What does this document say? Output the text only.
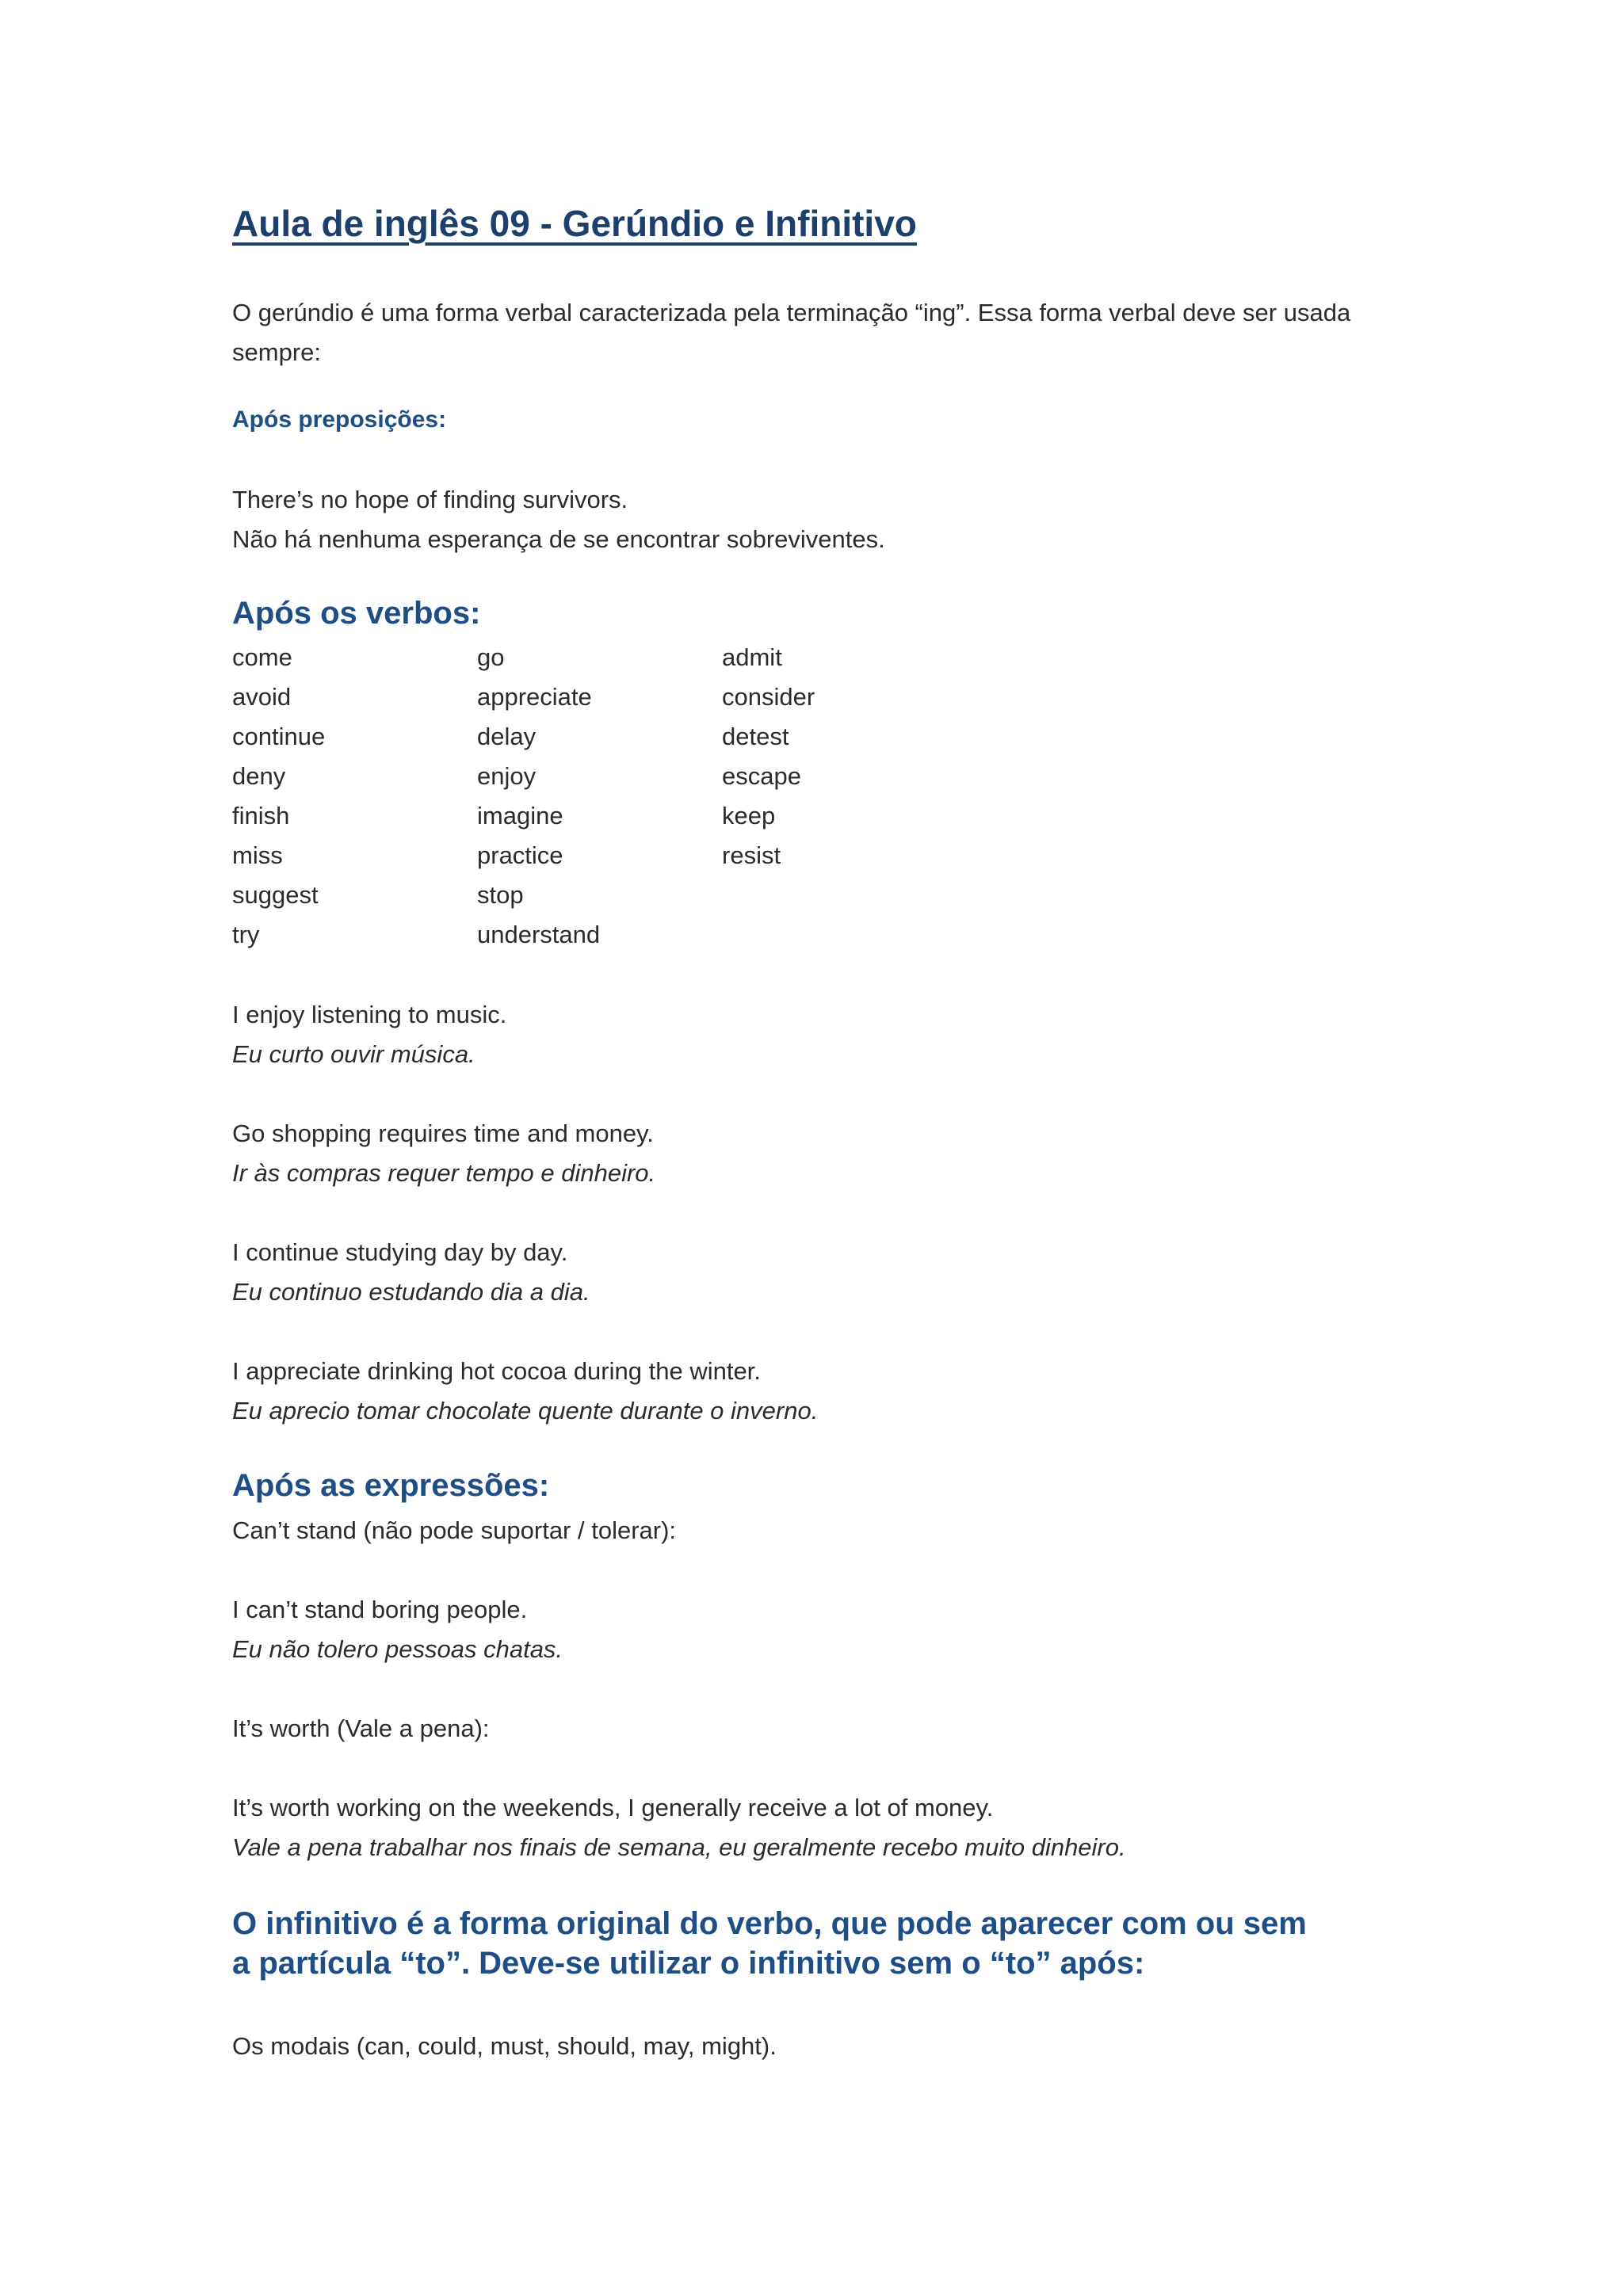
Aula de inglês 09 - Gerúndio e Infinitivo

O gerúndio é uma forma verbal caracterizada pela terminação “ing”. Essa forma verbal deve ser usada sempre:

Após preposições:
There’s no hope of finding survivors.
Não há nenhuma esperança de se encontrar sobreviventes.
Após os verbos:
come
avoid
continue
deny
finish
miss
suggest
try
go
appreciate
delay
enjoy
imagine
practice
stop
understand
admit
consider
detest
escape
keep
resist
I enjoy listening to music.
Eu curto ouvir música.
Go shopping requires time and money.
Ir às compras requer tempo e dinheiro.
I continue studying day by day.
Eu continuo estudando dia a dia.
I appreciate drinking hot cocoa during the winter.
Eu aprecio tomar chocolate quente durante o inverno.
Após as expressões:
Can’t stand (não pode suportar / tolerar):
I can’t stand boring people.
Eu não tolero pessoas chatas.
It’s worth (Vale a pena):
It’s worth working on the weekends, I generally receive a lot of money.
Vale a pena trabalhar nos finais de semana, eu geralmente recebo muito dinheiro.
O infinitivo é a forma original do verbo, que pode aparecer com ou sem a partícula “to”. Deve-se utilizar o infinitivo sem o “to” após:
Os modais (can, could, must, should, may, might).
